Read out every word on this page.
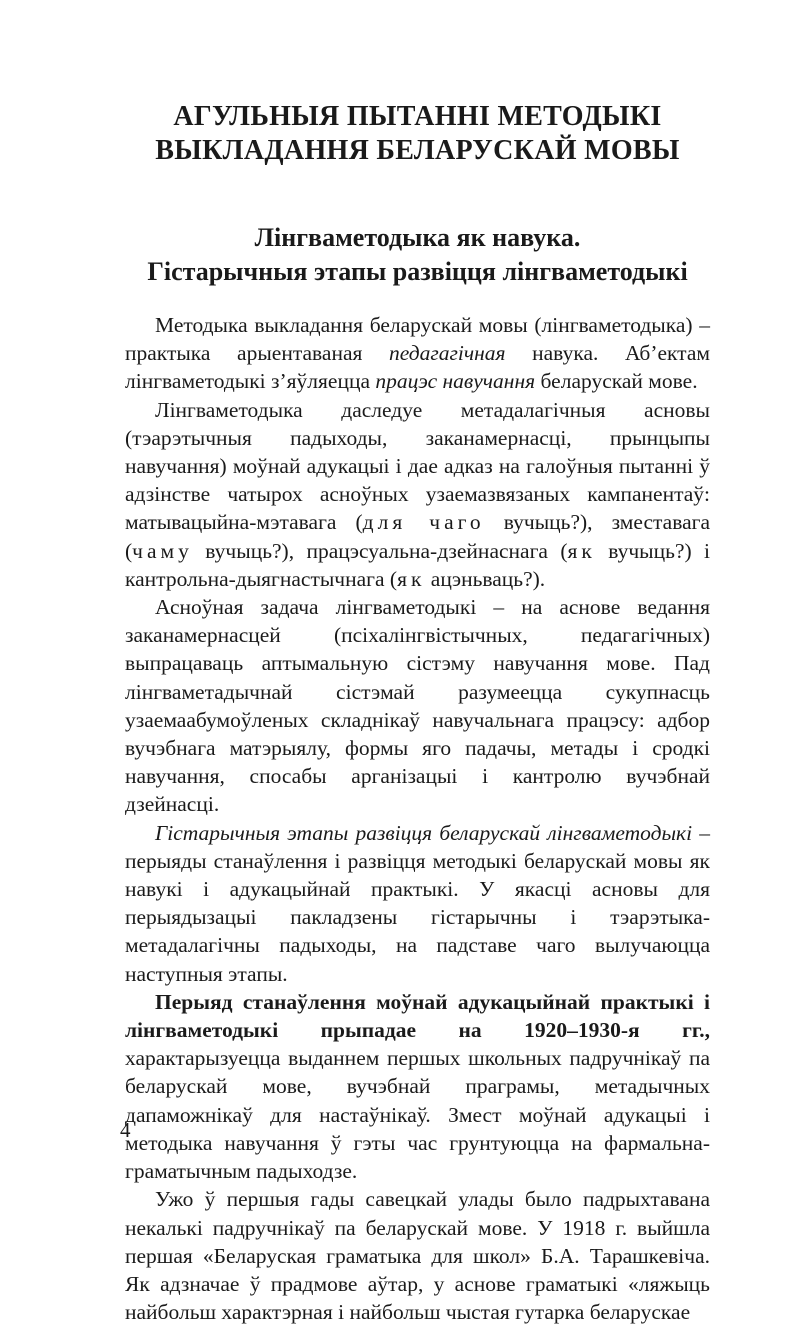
АГУЛЬНЫЯ ПЫТАННІ МЕТОДЫКІ
ВЫКЛАДАННЯ БЕЛАРУСКАЙ МОВЫ
Лінгваметодыка як навука.
Гістарычныя этапы развіцця лінгваметодыкі

Методыка выкладання беларускай мовы (лінгваметодыка) – практыка арыентаваная педагагічная навука. Аб’ектам лінгваметодыкі з’яўляецца працэс навучання беларускай мове.

Лінгваметодыка даследуе метадалагічныя асновы (тэарэтычныя падыходы, заканамернасці, прынцыпы навучання) моўнай адукацыі і дае адказ на галоўныя пытанні ў адзінстве чатырох асноўных узаемазвязаных кампанентаў: матывацыйна-мэтавага (для чаго вучыць?), зместавага (чаму вучыць?), працэсуальна-дзейнаснага (як вучыць?) і кантрольна-дыягнастычнага (як ацэньваць?).

Асноўная задача лінгваметодыкі – на аснове ведання заканамернасцей (псіхалінгвістычных, педагагічных) выпрацаваць аптымальную сістэму навучання мове. Пад лінгваметадычнай сістэмай разумеецца сукупнасць узаемаабумоўленых складнікаў навучальнага працэсу: адбор вучэбнага матэрыялу, формы яго падачы, метады і сродкі навучання, спосабы арганізацыі і кантролю вучэбнай дзейнасці.

Гістарычныя этапы развіцця беларускай лінгваметодыкі – перыяды станаўлення і развіцця методыкі беларускай мовы як навукі і адукацыйнай практыкі. У якасці асновы для перыядызацыі пакладзены гістарычны і тэарэтыка-метадалагічны падыходы, на падставе чаго вылучаюцца наступныя этапы.

Перыяд станаўлення моўнай адукацыйнай практыкі і лінгваметодыкі прыпадае на 1920–1930-я гг., характарызуецца выданнем першых школьных падручнікаў па беларускай мове, вучэбнай праграмы, метадычных дапаможнікаў для настаўнікаў. Змест моўнай адукацыі і методыка навучання ў гэты час грунтуюцца на фармальна-граматычным падыходзе.

Ужо ў першыя гады савецкай улады было падрыхтавана некалькі падручнікаў па беларускай мове. У 1918 г. выйшла першая «Беларуская граматыка для школ» Б.А. Тарашкевіча. Як адзначае ў прадмове аўтар, у аснове граматыкі «ляжыць найбольш характэрная і найбольш чыстая гутарка беларускае

4
